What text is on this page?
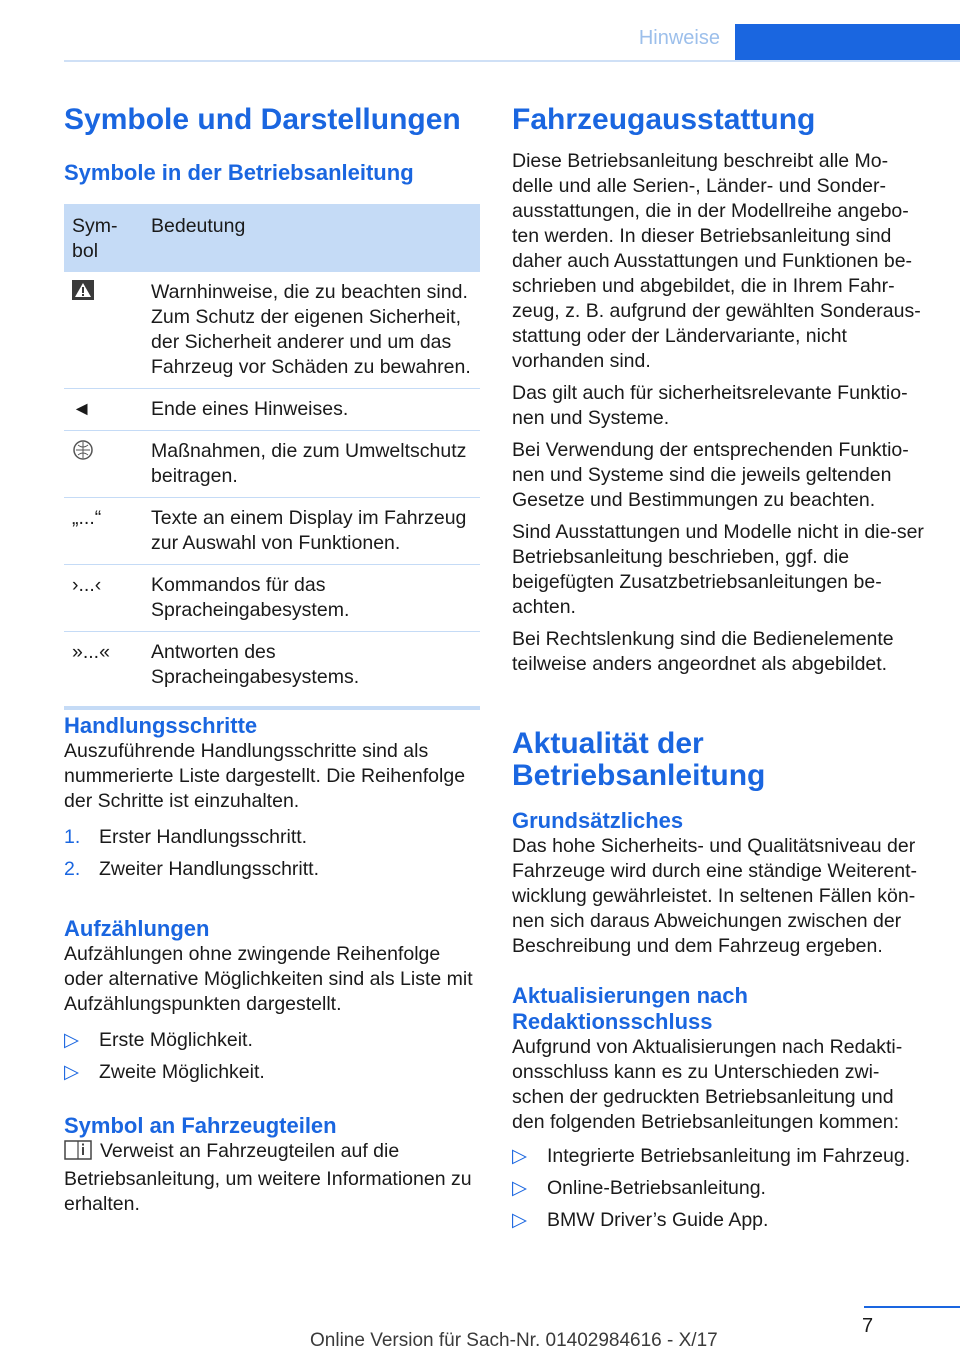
Hinweise
Symbole und Darstellungen
Symbole in der Betriebsanleitung
Sym-
bol	Bedeutung

	Warnhinweise, die zu beachten sind. Zum Schutz der eigenen Sicherheit, der Sicherheit anderer und um das Fahrzeug vor Schäden zu bewahren.
◄	Ende eines Hinweises.

	Maßnahmen, die zum Umweltschutz beitragen.
„...“	Texte an einem Display im Fahrzeug zur Auswahl von Funktionen.
›...‹	Kommandos für das Spracheingabesystem.
»...«	Antworten des Spracheingabesystems.
Handlungsschritte

Auszuführende Handlungsschritte sind als nummerierte Liste dargestellt. Die Reihenfolge der Schritte ist einzuhalten.

1. Erster Handlungsschritt.
2. Zweiter Handlungsschritt.
Aufzählungen

Aufzählungen ohne zwingende Reihenfolge oder alternative Möglichkeiten sind als Liste mit Aufzählungspunkten dargestellt.

▷ Erste Möglichkeit.
▷ Zweite Möglichkeit.
Symbol an Fahrzeugteilen

Verweist an Fahrzeugteilen auf die Betriebsanleitung, um weitere Informationen zu erhalten.

Fahrzeugausstattung

Diese Betriebsanleitung beschreibt alle Mo-delle und alle Serien-, Länder- und Sonder-ausstattungen, die in der Modellreihe angebo-ten werden. In dieser Betriebsanleitung sind daher auch Ausstattungen und Funktionen be-schrieben und abgebildet, die in Ihrem Fahr-zeug, z. B. aufgrund der gewählten Sonderaus-stattung oder der Ländervariante, nicht vorhanden sind.

Das gilt auch für sicherheitsrelevante Funktio-nen und Systeme.

Bei Verwendung der entsprechenden Funktio-nen und Systeme sind die jeweils geltenden Gesetze und Bestimmungen zu beachten.

Sind Ausstattungen und Modelle nicht in die-ser Betriebsanleitung beschrieben, ggf. die beigefügten Zusatzbetriebsanleitungen be-achten.

Bei Rechtslenkung sind die Bedienelemente teilweise anders angeordnet als abgebildet.

Aktualität der Betriebsanleitung
Grundsätzliches

Das hohe Sicherheits- und Qualitätsniveau der Fahrzeuge wird durch eine ständige Weiterent-wicklung gewährleistet. In seltenen Fällen kön-nen sich daraus Abweichungen zwischen der Beschreibung und dem Fahrzeug ergeben.

Aktualisierungen nach Redaktionsschluss

Aufgrund von Aktualisierungen nach Redakti-onsschluss kann es zu Unterschieden zwi-schen der gedruckten Betriebsanleitung und den folgenden Betriebsanleitungen kommen:

▷ Integrierte Betriebsanleitung im Fahrzeug.
▷ Online-Betriebsanleitung.
▷ BMW Driver’s Guide App.
7
Online Version für Sach-Nr. 01402984616 - X/17
